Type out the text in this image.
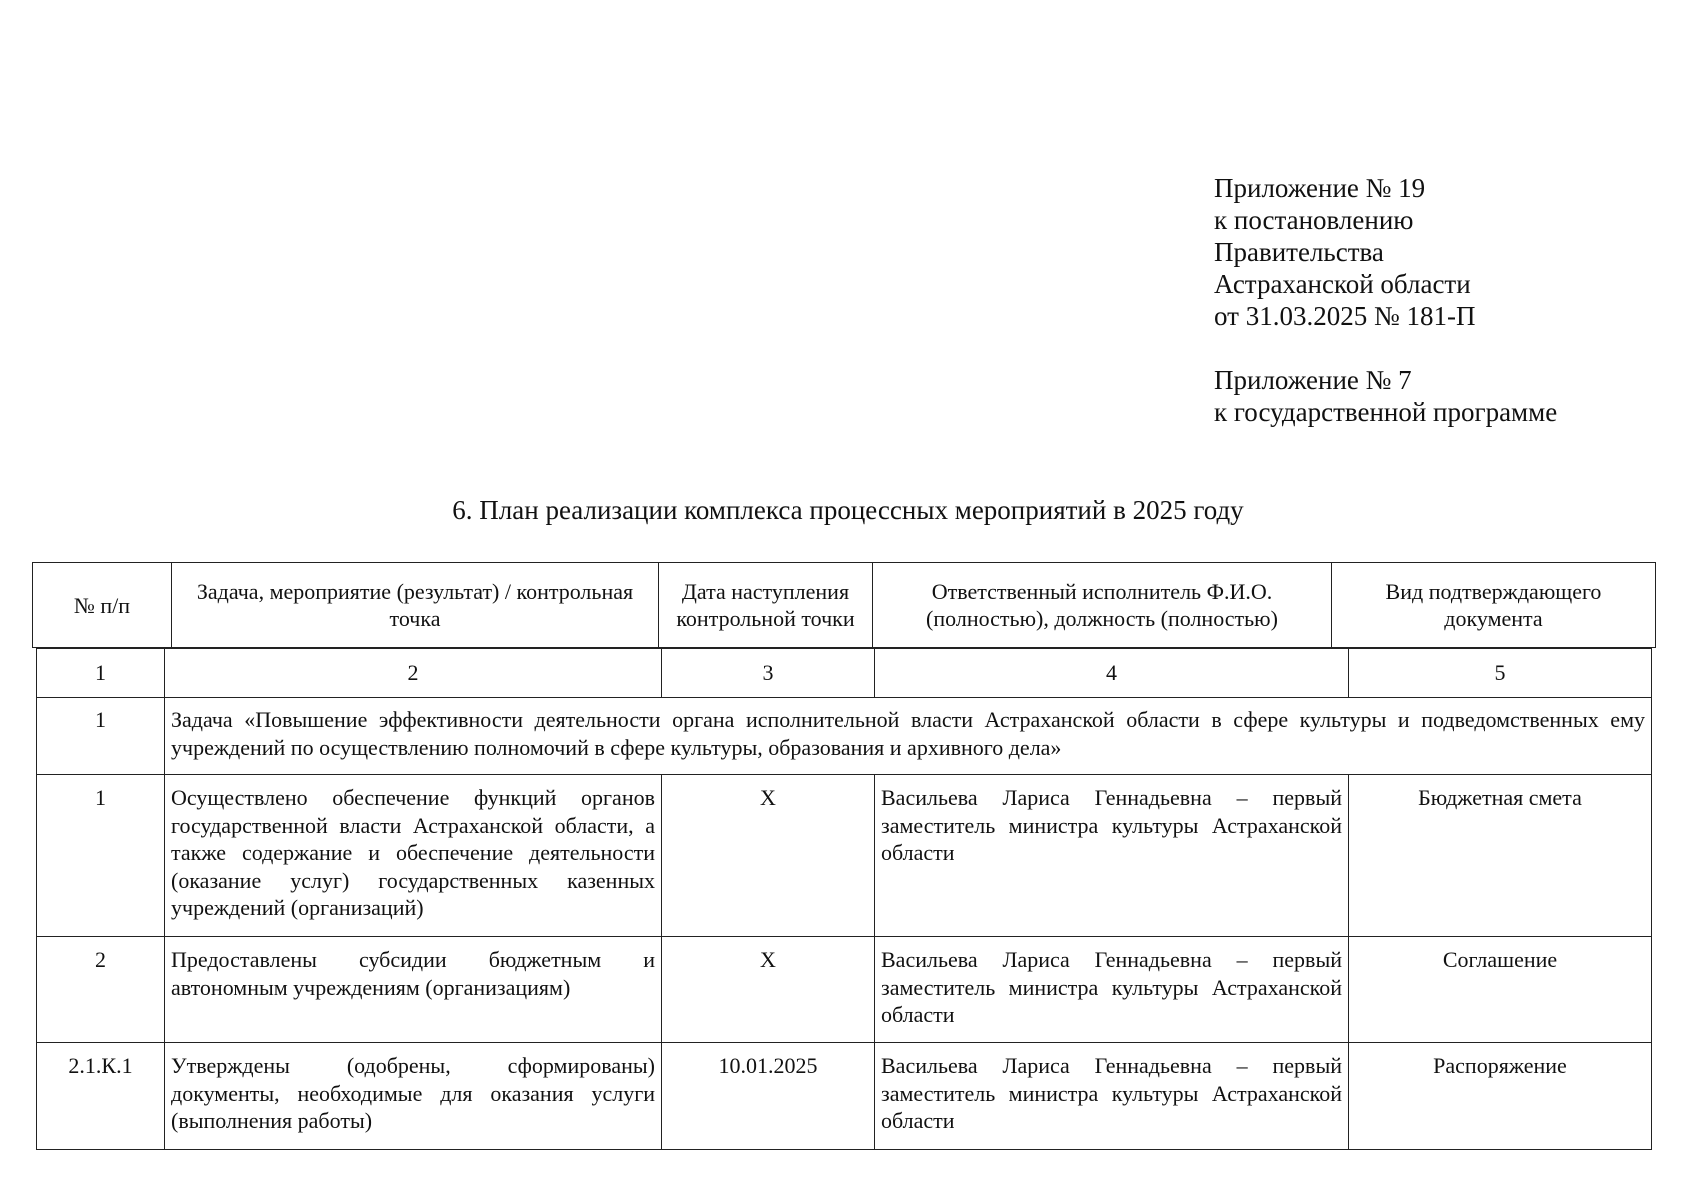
Приложение № 19
к постановлению
Правительства
Астраханской области
от 31.03.2025 № 181-П
Приложение № 7
к государственной программе
6. План реализации комплекса процессных мероприятий в 2025 году
№ п/п	Задача, мероприятие (результат) / контрольная точка	Дата наступления контрольной точки	Ответственный исполнитель Ф.И.О. (полностью), должность (полностью)	Вид подтверждающего документа
1	2	3	4	5
1	Задача «Повышение эффективности деятельности органа исполнительной власти Астраханской области в сфере культуры и подведомственных ему учреждений по осуществлению полномочий в сфере культуры, образования и архивного дела»			
1	Осуществлено обеспечение функций органов государственной власти Астраханской области, а также содержание и обеспечение деятельности (оказание услуг) государственных казенных учреждений (организаций)	Х	Васильева Лариса Геннадьевна – первый заместитель министра культуры Астраханской области	Бюджетная смета
2	Предоставлены субсидии бюджетным и автономным учреждениям (организациям)	Х	Васильева Лариса Геннадьевна – первый заместитель министра культуры Астраханской области	Соглашение
2.1.К.1	Утверждены (одобрены, сформированы) документы, необходимые для оказания услуги (выполнения работы)	10.01.2025	Васильева Лариса Геннадьевна – первый заместитель министра культуры Астраханской области	Распоряжение
